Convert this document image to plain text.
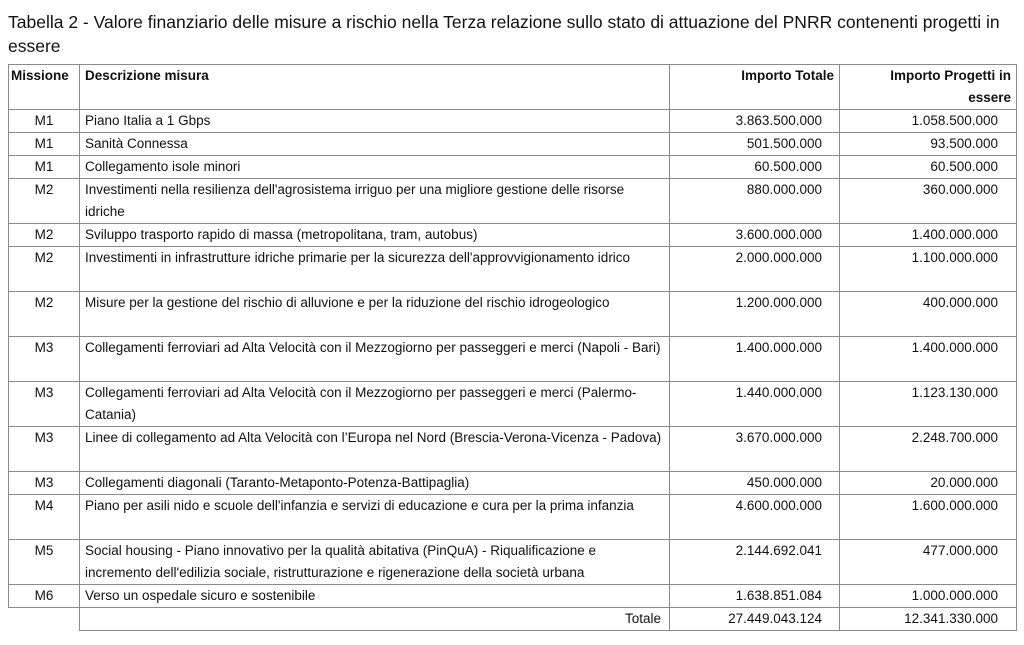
Tabella 2 - Valore finanziario delle misure a rischio nella Terza relazione sullo stato di attuazione del PNRR contenenti progetti in essere
Missione	Descrizione misura	Importo Totale	Importo Progetti in essere
M1	Piano Italia a 1 Gbps	3.863.500.000	1.058.500.000
M1	Sanità Connessa	501.500.000	93.500.000
M1	Collegamento isole minori	60.500.000	60.500.000
M2	Investimenti nella resilienza dell'agrosistema irriguo per una migliore gestione delle risorse idriche	880.000.000	360.000.000
M2	Sviluppo trasporto rapido di massa (metropolitana, tram, autobus)	3.600.000.000	1.400.000.000
M2	Investimenti in infrastrutture idriche primarie per la sicurezza dell'approvvigionamento idrico	2.000.000.000	1.100.000.000
M2	Misure per la gestione del rischio di alluvione e per la riduzione del rischio idrogeologico	1.200.000.000	400.000.000
M3	Collegamenti ferroviari ad Alta Velocità con il Mezzogiorno per passeggeri e merci (Napoli - Bari)	1.400.000.000	1.400.000.000
M3	Collegamenti ferroviari ad Alta Velocità con il Mezzogiorno per passeggeri e merci (Palermo-Catania)	1.440.000.000	1.123.130.000
M3	Linee di collegamento ad Alta Velocità con l’Europa nel Nord (Brescia-Verona-Vicenza - Padova)	3.670.000.000	2.248.700.000
M3	Collegamenti diagonali (Taranto-Metaponto-Potenza-Battipaglia)	450.000.000	20.000.000
M4	Piano per asili nido e scuole dell'infanzia e servizi di educazione e cura per la prima infanzia	4.600.000.000	1.600.000.000
M5	Social housing - Piano innovativo per la qualità abitativa (PinQuA) - Riqualificazione e incremento dell'edilizia sociale, ristrutturazione e rigenerazione della società urbana	2.144.692.041	477.000.000
M6	Verso un ospedale sicuro e sostenibile	1.638.851.084	1.000.000.000
	Totale	27.449.043.124	12.341.330.000
